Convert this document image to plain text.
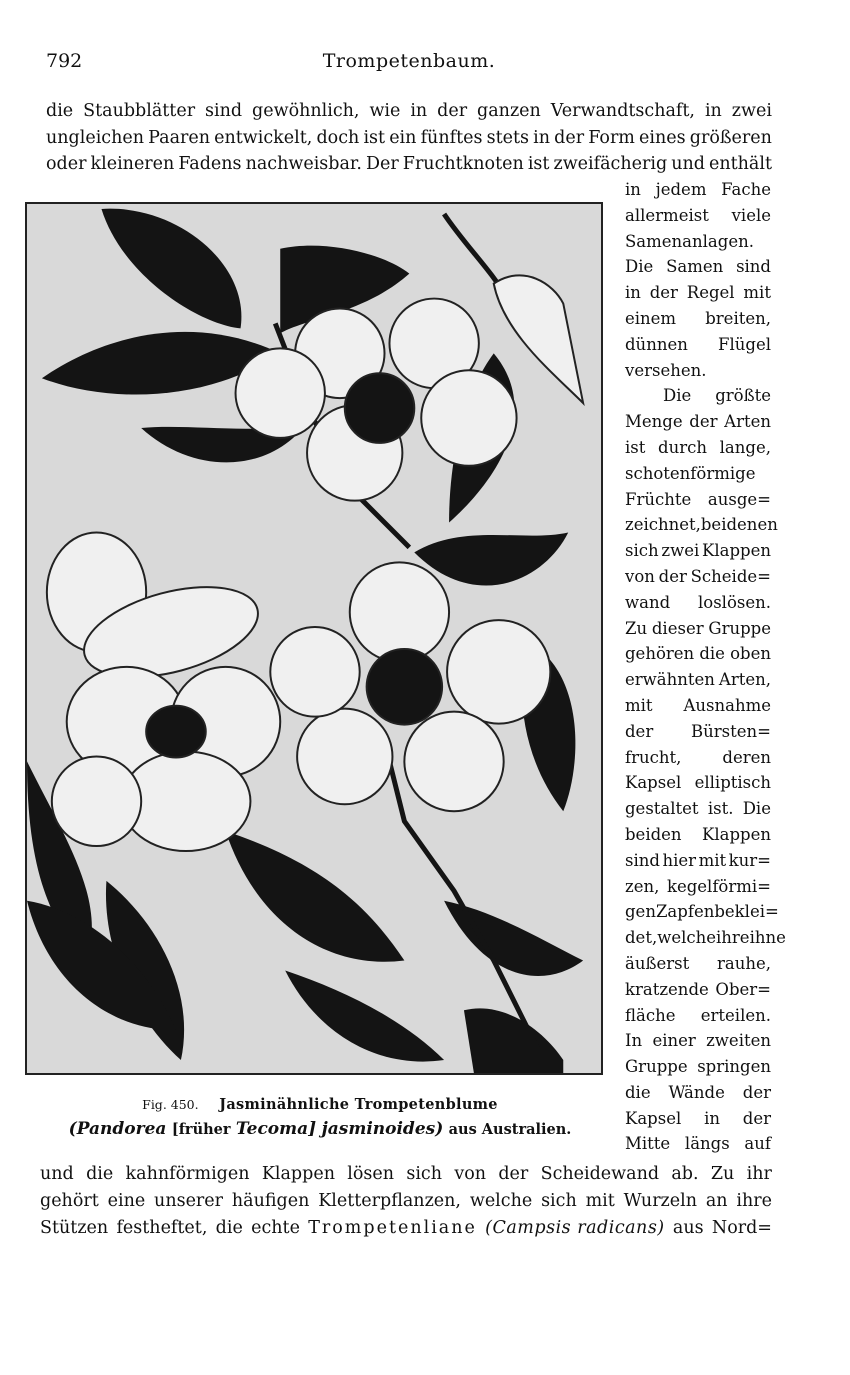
792	Trompetenbaum.
die Staubblätter sind gewöhnlich, wie in der ganzen Verwandtschaft, in zwei
ungleichen Paaren entwickelt, doch ist ein fünftes stets in der Form eines größeren
oder kleineren Fadens nachweisbar. Der Fruchtknoten ist zweifächerig und enthält
in jedem Fache
allermeist viele
Samenanlagen.
Die Samen sind
in der Regel mit
einem breiten,
dünnen Flügel
versehen.
Die größte
Menge der Arten
ist durch lange,
schotenförmige
Früchte ausge=
zeichnet, bei denen
sich zwei Klappen
von der Scheide=
wand loslösen.
Zu dieser Gruppe
gehören die oben
erwähnten Arten,
mit Ausnahme
der Bürsten=
frucht, deren
Kapsel elliptisch
gestaltet ist. Die
beiden Klappen
sind hier mit kur=
zen, kegelförmi=
gen Zapfen beklei=
det, welche ihre ihne
äußerst rauhe,
kratzende Ober=
fläche erteilen.
In einer zweiten
Gruppe springen
die Wände der
Kapsel in der
Mitte längs auf
Fig. 450. Jasminähnliche Trompetenblume
(Pandorea [früher Tecoma] jasminoides) aus Australien.
und die kahnförmigen Klappen lösen sich von der Scheidewand ab. Zu ihr
gehört eine unserer häufigen Kletterpflanzen, welche sich mit Wurzeln an ihre
Stützen festheftet, die echte Trompetenliane (Campsis radicans) aus Nord=
